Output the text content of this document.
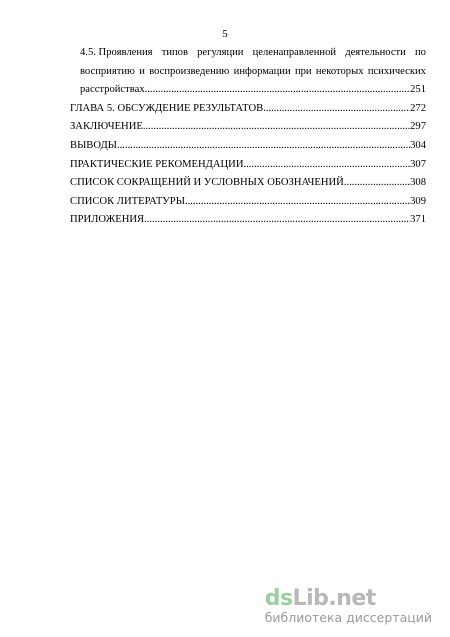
5
4.5. Проявления типов регуляции целенаправленной деятельности по
восприятию и воспроизведению информации при некоторых психических
расстройствах .....	251
ГЛАВА 5. ОБСУЖДЕНИЕ РЕЗУЛЬТАТОВ .....	272
ЗАКЛЮЧЕНИЕ .....	297
ВЫВОДЫ .....	304
ПРАКТИЧЕСКИЕ РЕКОМЕНДАЦИИ .....	307
СПИСОК СОКРАЩЕНИЙ И УСЛОВНЫХ ОБОЗНАЧЕНИЙ .....	308
СПИСОК ЛИТЕРАТУРЫ .....	309
ПРИЛОЖЕНИЯ .....	371
dsLib.net
библиотека диссертаций
